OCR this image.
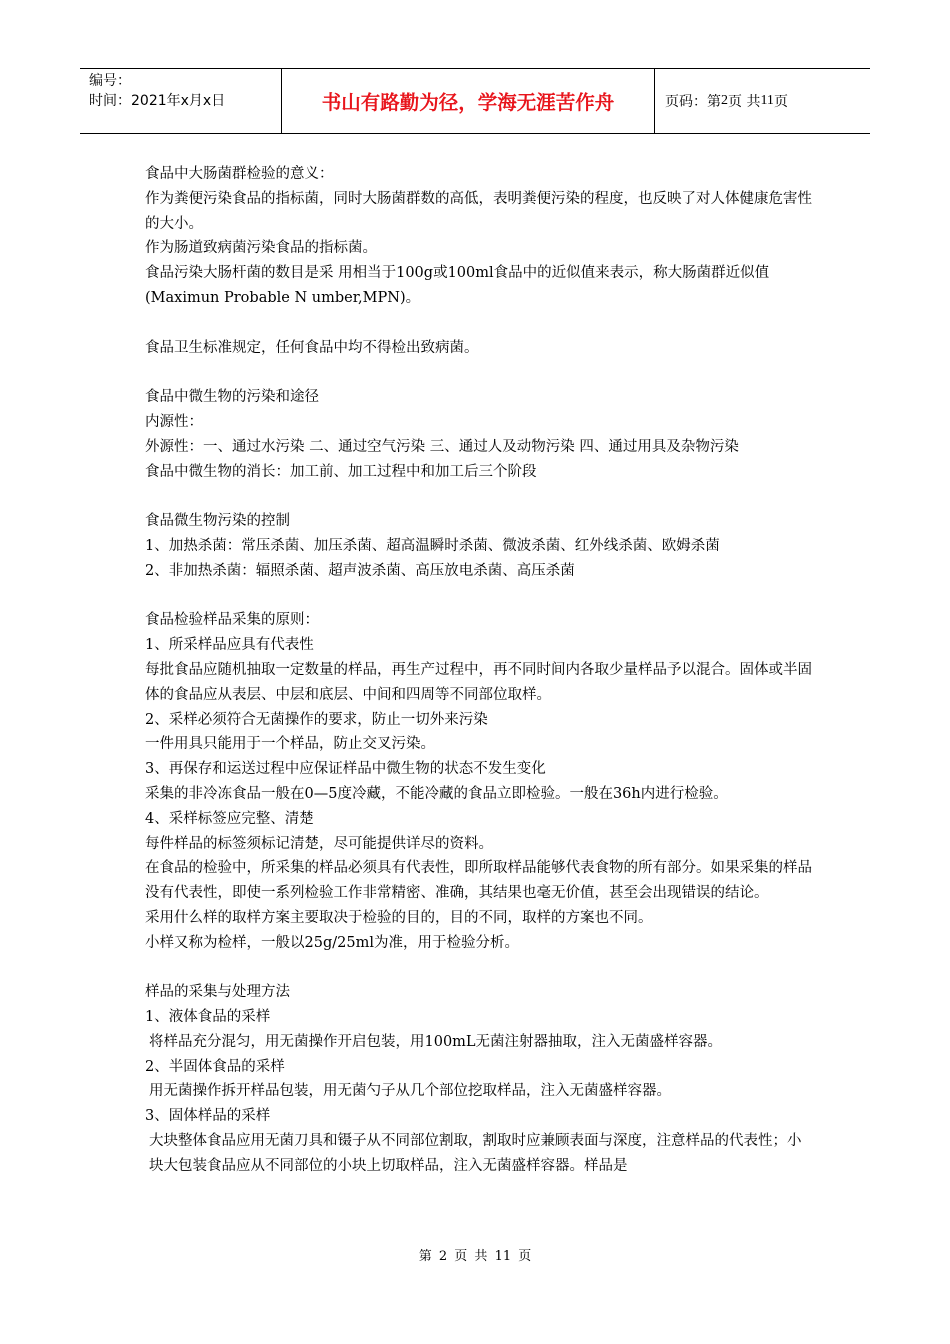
编号：
时间：2021年x月x日	书山有路勤为径，学海无涯苦作舟	页码：第 2 页 共 11 页

食品中大肠菌群检验的意义：

作为粪便污染食品的指标菌，同时大肠菌群数的高低，表明粪便污染的程度，也反映了对人体健康危害性的大小。

作为肠道致病菌污染食品的指标菌。

食品污染大肠杆菌的数目是采 用相当于100g或100ml食品中的近似值来表示，称大肠菌群近似值(Maximun Probable N umber,MPN)。

食品卫生标准规定，任何食品中均不得检出致病菌。

食品中微生物的污染和途径

内源性：

外源性：一、通过水污染 二、通过空气污染 三、通过人及动物污染 四、通过用具及杂物污染

食品中微生物的消长：加工前、加工过程中和加工后三个阶段

食品微生物污染的控制

1、加热杀菌：常压杀菌、加压杀菌、超高温瞬时杀菌、微波杀菌、红外线杀菌、欧姆杀菌

2、非加热杀菌：辐照杀菌、超声波杀菌、高压放电杀菌、高压杀菌

食品检验样品采集的原则：

1、所采样品应具有代表性

每批食品应随机抽取一定数量的样品，再生产过程中，再不同时间内各取少量样品予以混合。固体或半固体的食品应从表层、中层和底层、中间和四周等不同部位取样。

2、采样必须符合无菌操作的要求，防止一切外来污染

一件用具只能用于一个样品，防止交叉污染。

3、再保存和运送过程中应保证样品中微生物的状态不发生变化

采集的非冷冻食品一般在0—5度冷藏，不能冷藏的食品立即检验。一般在36h内进行检验。

4、采样标签应完整、清楚

每件样品的标签须标记清楚，尽可能提供详尽的资料。

在食品的检验中，所采集的样品必须具有代表性，即所取样品能够代表食物的所有部分。如果采集的样品没有代表性，即使一系列检验工作非常精密、准确，其结果也毫无价值，甚至会出现错误的结论。

采用什么样的取样方案主要取决于检验的目的，目的不同，取样的方案也不同。

小样又称为检样，一般以25g/25ml为准，用于检验分析。

样品的采集与处理方法

1、液体食品的采样

将样品充分混匀，用无菌操作开启包装，用100mL无菌注射器抽取，注入无菌盛样容器。

2、半固体食品的采样

用无菌操作拆开样品包装，用无菌勺子从几个部位挖取样品，注入无菌盛样容器。

3、固体样品的采样

大块整体食品应用无菌刀具和镊子从不同部位割取，割取时应兼顾表面与深度，注意样品的代表性；小块大包装食品应从不同部位的小块上切取样品，注入无菌盛样容器。样品是

第 2 页 共 11 页
